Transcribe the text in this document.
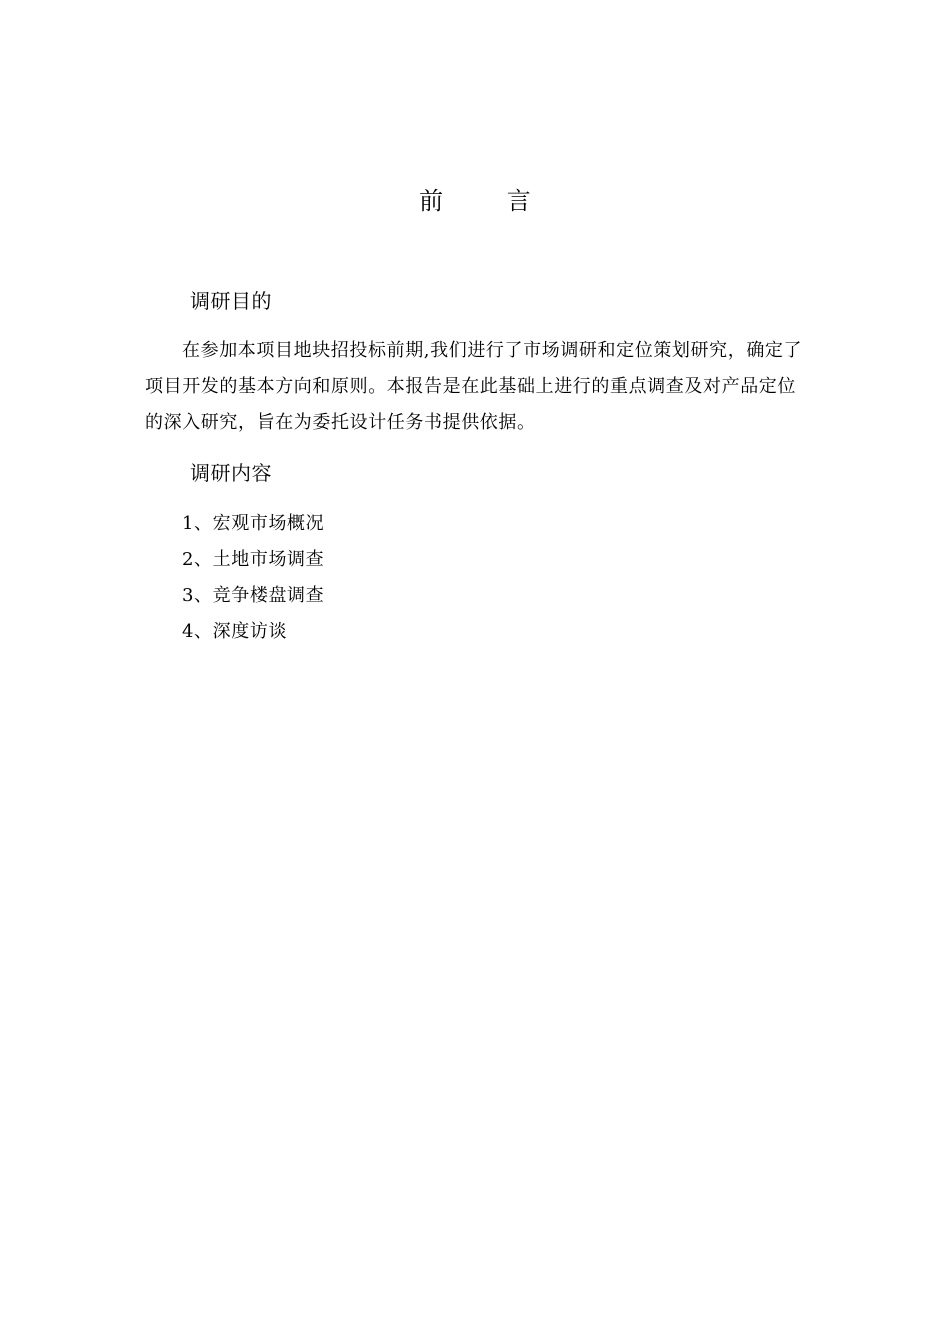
前 言
调研目的
在参加本项目地块招投标前期,我们进行了市场调研和定位策划研究，确定了项目开发的基本方向和原则。本报告是在此基础上进行的重点调查及对产品定位的深入研究，旨在为委托设计任务书提供依据。
调研内容
1、宏观市场概况
2、土地市场调查
3、竞争楼盘调查
4、深度访谈
